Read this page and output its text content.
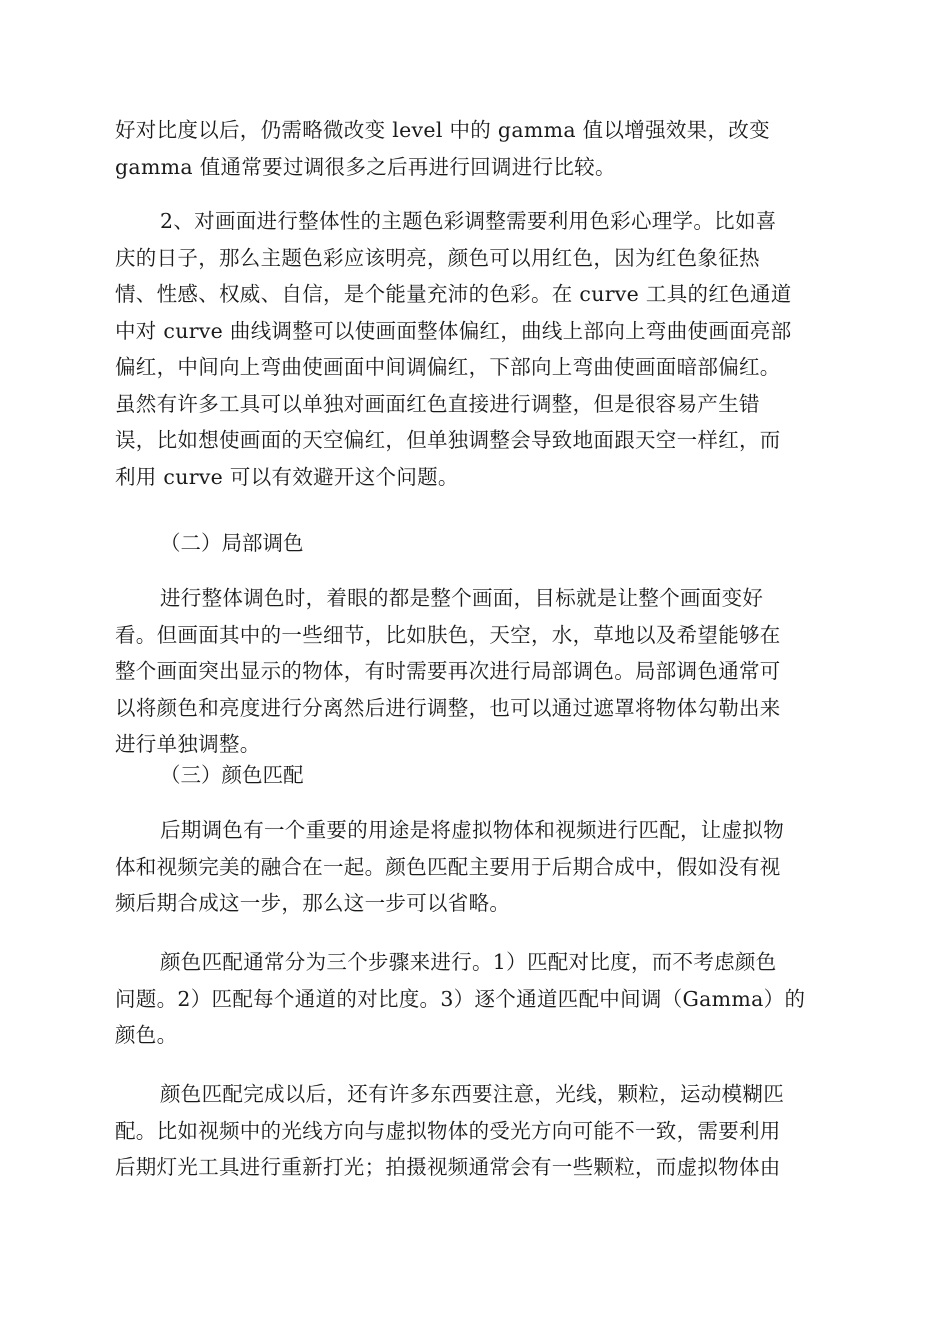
好对比度以后，仍需略微改变 level 中的 gamma 值以增强效果，改变
gamma 值通常要过调很多之后再进行回调进行比较。
2、对画面进行整体性的主题色彩调整需要利用色彩心理学。比如喜
庆的日子，那么主题色彩应该明亮，颜色可以用红色，因为红色象征热
情、性感、权威、自信，是个能量充沛的色彩。在 curve 工具的红色通道
中对 curve 曲线调整可以使画面整体偏红，曲线上部向上弯曲使画面亮部
偏红，中间向上弯曲使画面中间调偏红，下部向上弯曲使画面暗部偏红。
虽然有许多工具可以单独对画面红色直接进行调整，但是很容易产生错
误，比如想使画面的天空偏红，但单独调整会导致地面跟天空一样红，而
利用 curve 可以有效避开这个问题。

（二）局部调色

进行整体调色时，着眼的都是整个画面，目标就是让整个画面变好
看。但画面其中的一些细节，比如肤色，天空，水，草地以及希望能够在
整个画面突出显示的物体，有时需要再次进行局部调色。局部调色通常可
以将颜色和亮度进行分离然后进行调整，也可以通过遮罩将物体勾勒出来
进行单独调整。

（三）颜色匹配

后期调色有一个重要的用途是将虚拟物体和视频进行匹配，让虚拟物
体和视频完美的融合在一起。颜色匹配主要用于后期合成中，假如没有视
频后期合成这一步，那么这一步可以省略。
颜色匹配通常分为三个步骤来进行。1）匹配对比度，而不考虑颜色
问题。2）匹配每个通道的对比度。3）逐个通道匹配中间调（Gamma）的
颜色。
颜色匹配完成以后，还有许多东西要注意，光线，颗粒，运动模糊匹
配。比如视频中的光线方向与虚拟物体的受光方向可能不一致，需要利用
后期灯光工具进行重新打光；拍摄视频通常会有一些颗粒，而虚拟物体由
